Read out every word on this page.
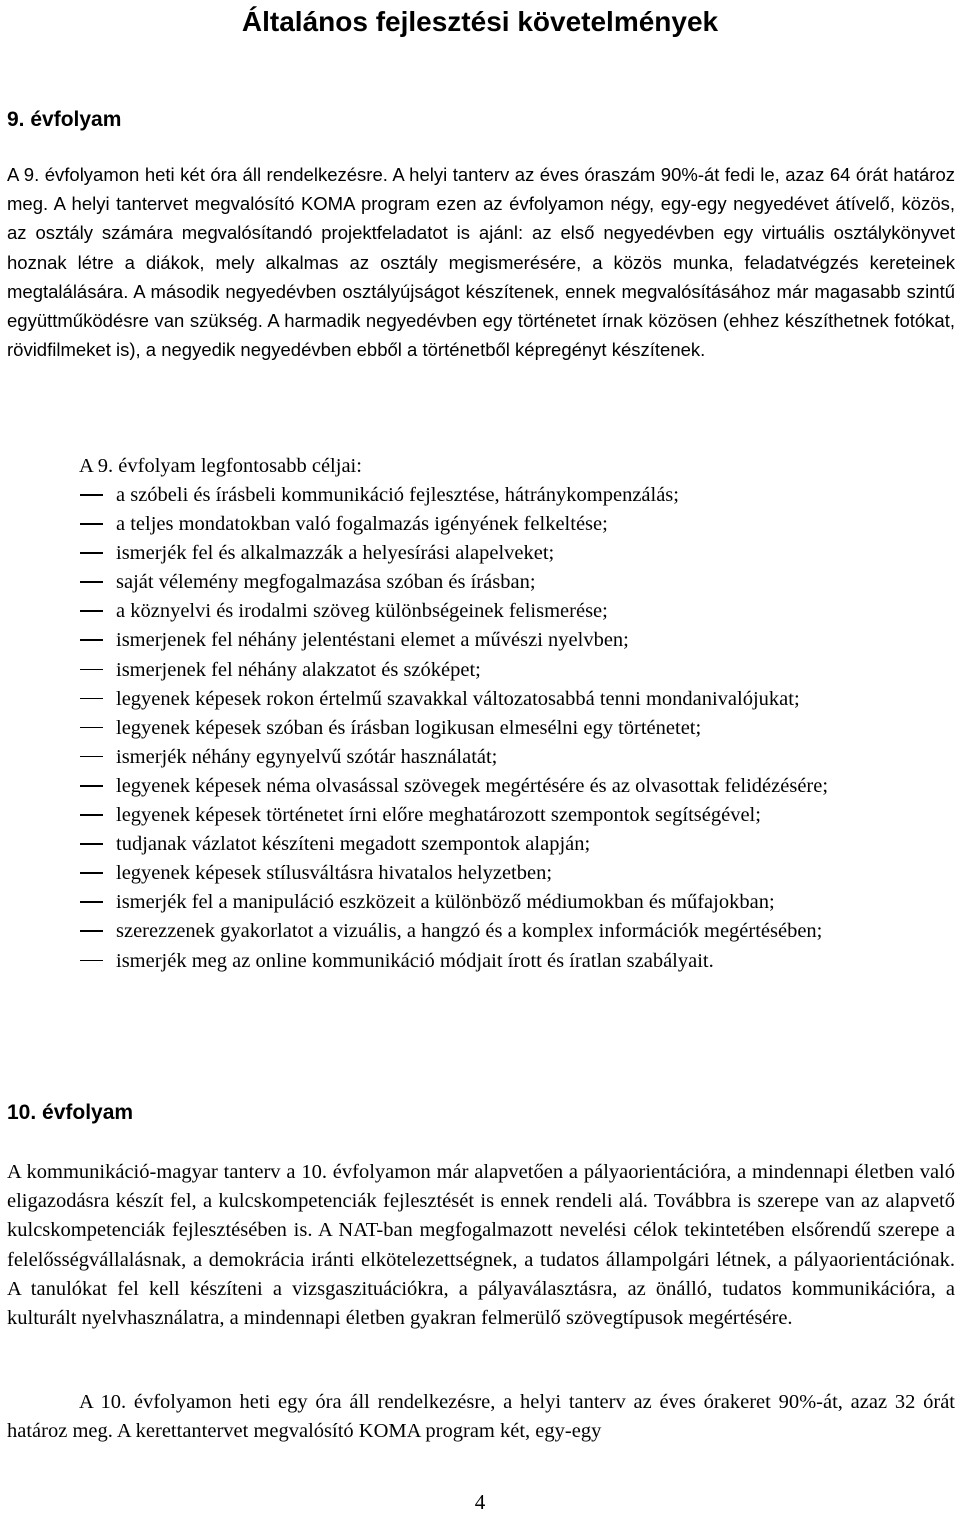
Általános fejlesztési követelmények
9. évfolyam

A 9. évfolyamon heti két óra áll rendelkezésre. A helyi tanterv az éves óraszám 90%-át fedi le, azaz 64 órát határoz meg. A helyi tantervet megvalósító KOMA program ezen az évfolyamon négy, egy-egy negyedévet átívelő, közös, az osztály számára megvalósítandó projektfeladatot is ajánl: az első negyedévben egy virtuális osztálykönyvet hoznak létre a diákok, mely alkalmas az osztály megismerésére, a közös munka, feladatvégzés kereteinek megtalálására. A második negyedévben osztályújságot készítenek, ennek megvalósításához már magasabb szintű együttműködésre van szükség. A harmadik negyedévben egy történetet írnak közösen (ehhez készíthetnek fotókat, rövidfilmeket is), a negyedik negyedévben ebből a történetből képregényt készítenek.

A 9. évfolyam legfontosabb céljai:

a szóbeli és írásbeli kommunikáció fejlesztése, hátránykompenzálás;
a teljes mondatokban való fogalmazás igényének felkeltése;
ismerjék fel és alkalmazzák a helyesírási alapelveket;
saját vélemény megfogalmazása szóban és írásban;
a köznyelvi és irodalmi szöveg különbségeinek felismerése;
ismerjenek fel néhány jelentéstani elemet a művészi nyelvben;
ismerjenek fel néhány alakzatot és szóképet;
legyenek képesek rokon értelmű szavakkal változatosabbá tenni mondanivalójukat;
legyenek képesek szóban és írásban logikusan elmesélni egy történetet;
ismerjék néhány egynyelvű szótár használatát;
legyenek képesek néma olvasással szövegek megértésére és az olvasottak felidézésére;
legyenek képesek történetet írni előre meghatározott szempontok segítségével;
tudjanak vázlatot készíteni megadott szempontok alapján;
legyenek képesek stílusváltásra hivatalos helyzetben;
ismerjék fel a manipuláció eszközeit a különböző médiumokban és műfajokban;
szerezzenek gyakorlatot a vizuális, a hangzó és a komplex információk megértésében;
ismerjék meg az online kommunikáció módjait írott és íratlan szabályait.
10. évfolyam

A kommunikáció-magyar tanterv a 10. évfolyamon már alapvetően a pályaorientációra, a mindennapi életben való eligazodásra készít fel, a kulcskompetenciák fejlesztését is ennek rendeli alá. Továbbra is szerepe van az alapvető kulcskompetenciák fejlesztésében is. A NAT-ban megfogalmazott nevelési célok tekintetében elsőrendű szerepe a felelősségvállalásnak, a demokrácia iránti elkötelezettségnek, a tudatos állampolgári létnek, a pályaorientációnak. A tanulókat fel kell készíteni a vizsgaszituációkra, a pályaválasztásra, az önálló, tudatos kommunikációra, a kulturált nyelvhasználatra, a mindennapi életben gyakran felmerülő szövegtípusok megértésére.

A 10. évfolyamon heti egy óra áll rendelkezésre, a helyi tanterv az éves órakeret 90%-át, azaz 32 órát határoz meg. A kerettantervet megvalósító KOMA program két, egy-egy

4
